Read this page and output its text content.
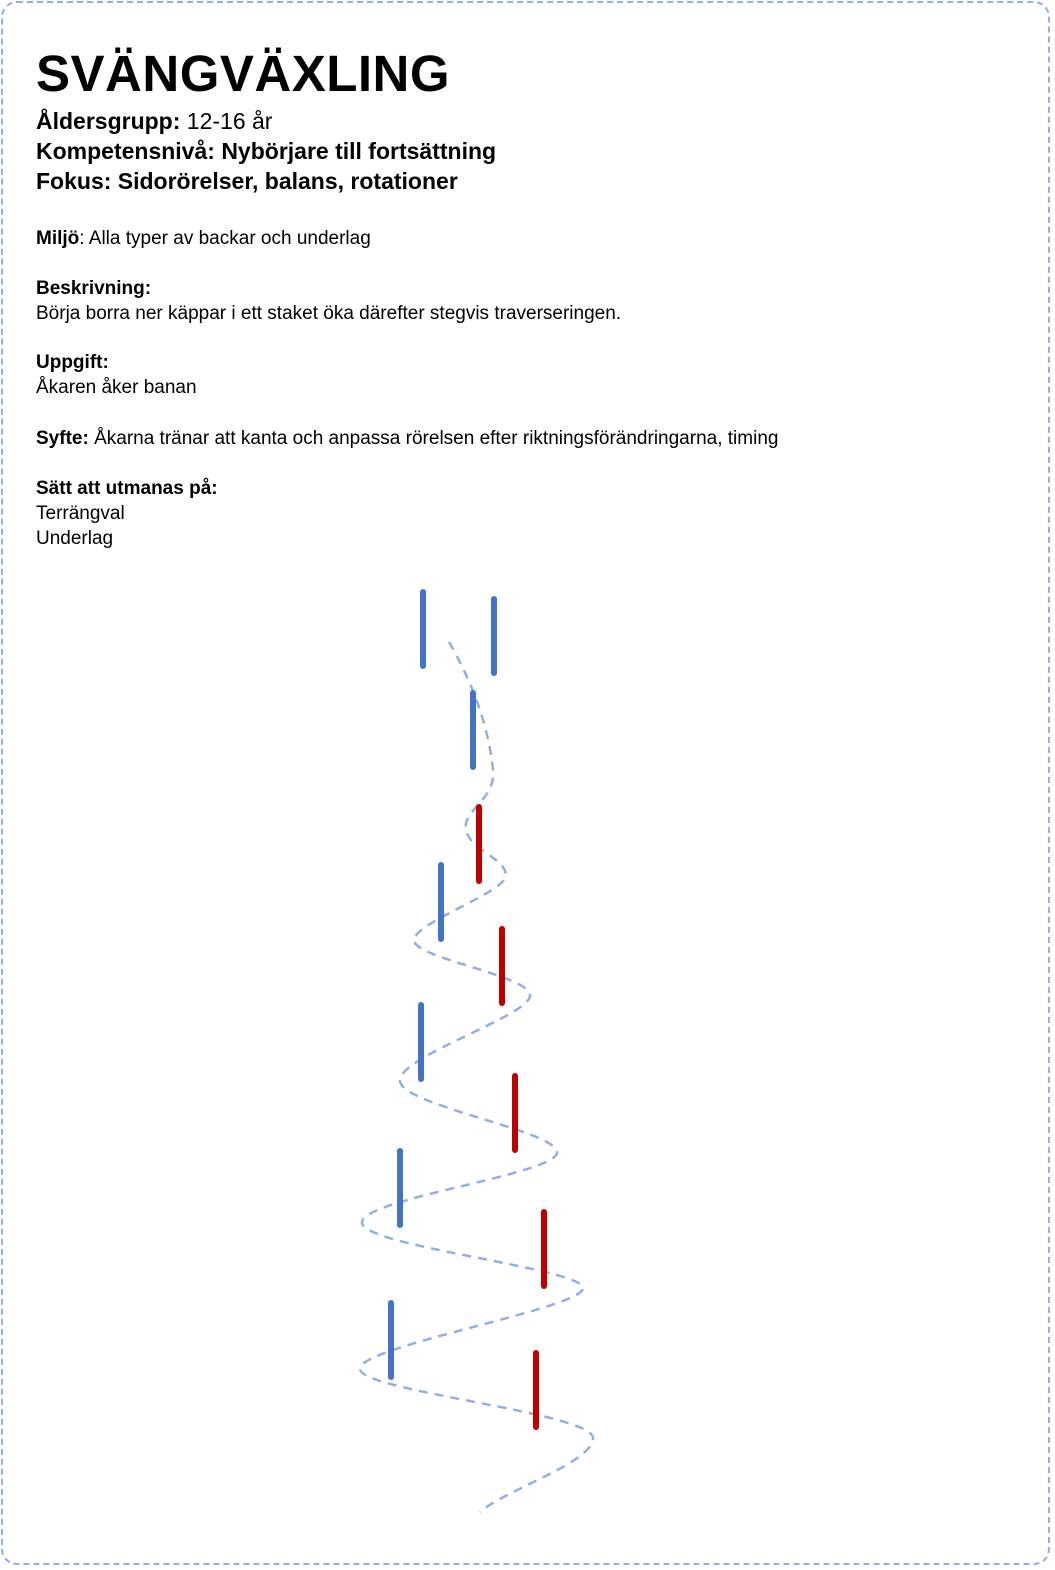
SVÄNGVÄXLING
Åldersgrupp: 12-16 år
Kompetensnivå: Nybörjare till fortsättning
Fokus: Sidorörelser, balans, rotationer
Miljö: Alla typer av backar och underlag
Beskrivning:
Börja borra ner käppar i ett staket öka därefter stegvis traverseringen.
Uppgift:
Åkaren åker banan
Syfte: Åkarna tränar att kanta och anpassa rörelsen efter riktningsförändringarna, timing
Sätt att utmanas på:
Terrängval
Underlag
